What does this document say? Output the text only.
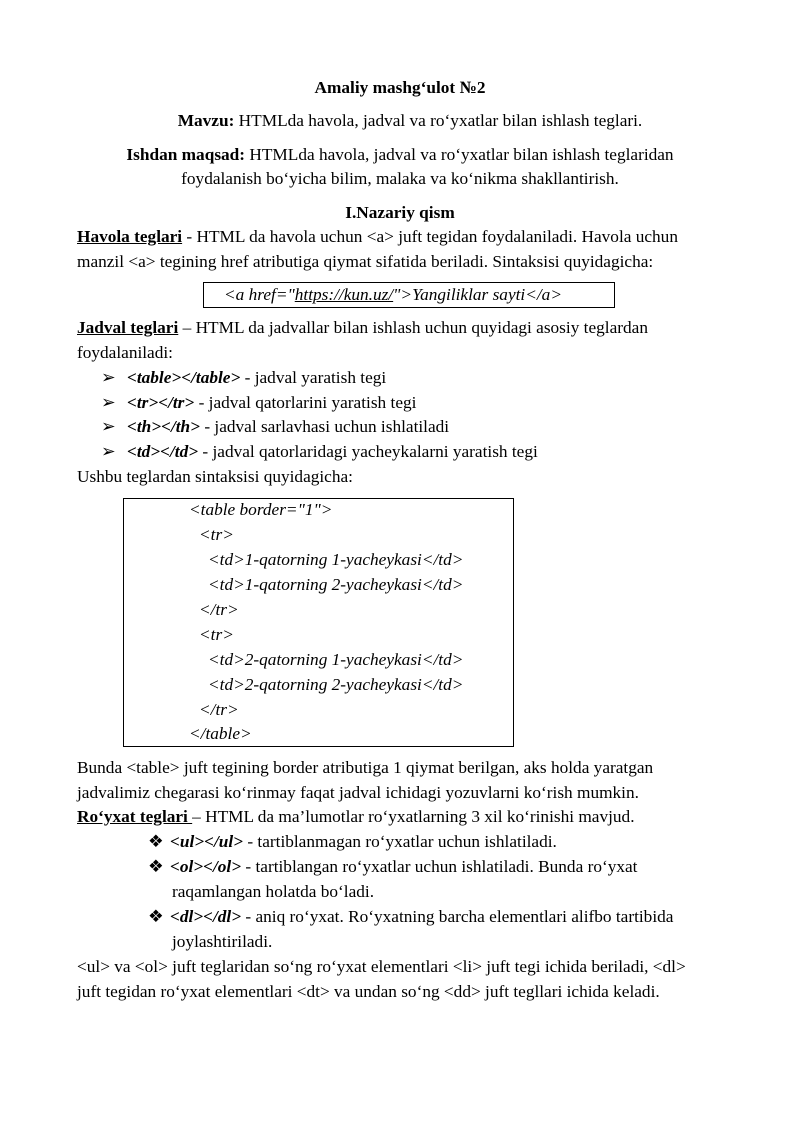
Amaliy mashg‘ulot №2
Mavzu: HTMLda havola, jadval va ro‘yxatlar bilan ishlash teglari.
Ishdan maqsad: HTMLda havola, jadval va ro‘yxatlar bilan ishlash teglaridan
foydalanish bo‘yicha bilim, malaka va ko‘nikma shakllantirish.
I.Nazariy qism
Havola teglari - HTML da havola uchun <a> juft tegidan foydalaniladi. Havola uchun
manzil <a> tegining href atributiga qiymat sifatida beriladi. Sintaksisi quyidagicha:
<a href="https://kun.uz/">Yangiliklar sayti</a>
Jadval teglari – HTML da jadvallar bilan ishlash uchun quyidagi asosiy teglardan
foydalaniladi:
➢ <table></table> - jadval yaratish tegi
➢ <tr></tr> - jadval qatorlarini yaratish tegi
➢ <th></th> - jadval sarlavhasi uchun ishlatiladi
➢ <td></td> - jadval qatorlaridagi yacheykalarni yaratish tegi
Ushbu teglardan sintaksisi quyidagicha:
<table border="1">
<tr>
<td>1-qatorning 1-yacheykasi</td>
<td>1-qatorning 2-yacheykasi</td>
</tr>
<tr>
<td>2-qatorning 1-yacheykasi</td>
<td>2-qatorning 2-yacheykasi</td>
</tr>
</table>
Bunda <table> juft tegining border atributiga 1 qiymat berilgan, aks holda yaratgan
jadvalimiz chegarasi ko‘rinmay faqat jadval ichidagi yozuvlarni ko‘rish mumkin.
Ro‘yxat teglari – HTML da ma’lumotlar ro‘yxatlarning 3 xil ko‘rinishi mavjud.
❖ <ul></ul> - tartiblanmagan ro‘yxatlar uchun ishlatiladi.
❖ <ol></ol> - tartiblangan ro‘yxatlar uchun ishlatiladi. Bunda ro‘yxat
raqamlangan holatda bo‘ladi.
❖ <dl></dl> - aniq ro‘yxat. Ro‘yxatning barcha elementlari alifbo tartibida
joylashtiriladi.
<ul> va <ol> juft teglaridan so‘ng ro‘yxat elementlari <li> juft tegi ichida beriladi, <dl>
juft tegidan ro‘yxat elementlari <dt> va undan so‘ng <dd> juft tegllari ichida keladi.
